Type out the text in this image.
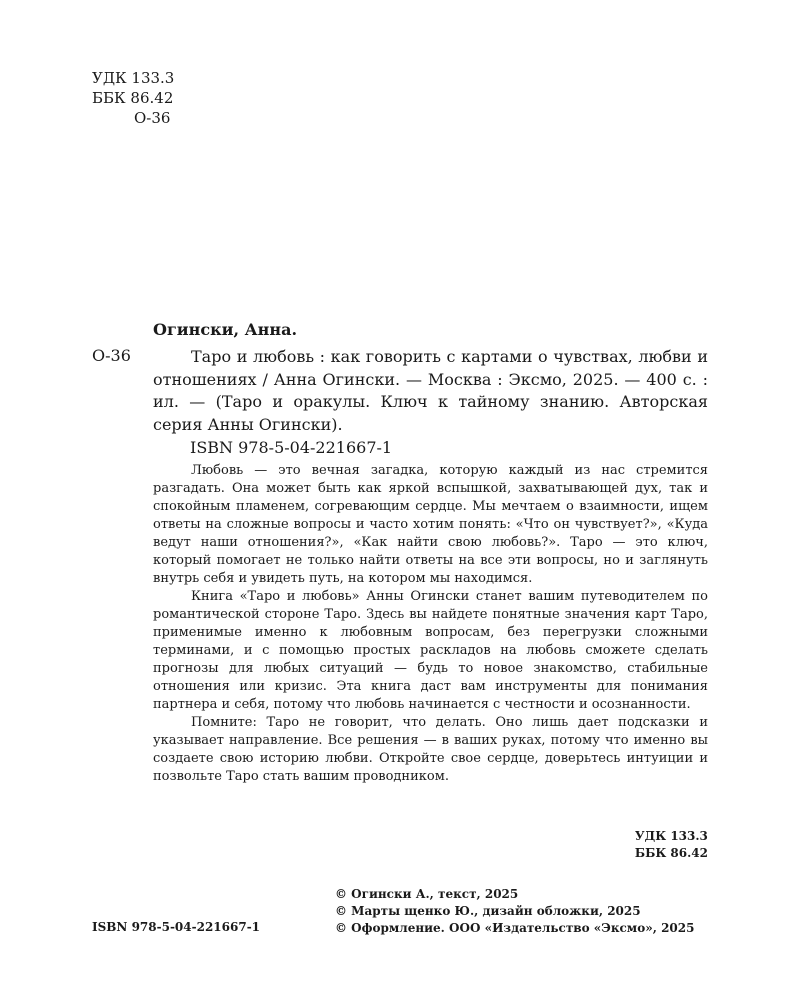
УДК 133.3
ББК 86.42
О-36
Огински, Анна.
О-36	Таро и любовь : как говорить с картами о чувствах, любви и отношениях / Анна Огински. — Москва : Эксмо, 2025. — 400 с. : ил. — (Таро и оракулы. Ключ к тайному знанию. Авторская серия Анны Огински).
ISBN 978-5-04-221667-1

Любовь — это вечная загадка, которую каждый из нас стремится разгадать. Она может быть как яркой вспышкой, захватывающей дух, так и спокойным пламенем, согревающим сердце. Мы мечтаем о взаимности, ищем ответы на сложные вопросы и часто хотим понять: «Что он чувствует?», «Куда ведут наши отношения?», «Как найти свою любовь?». Таро — это ключ, который помогает не только найти ответы на все эти вопросы, но и заглянуть внутрь себя и увидеть путь, на котором мы находимся.

Книга «Таро и любовь» Анны Огински станет вашим путеводителем по романтической стороне Таро. Здесь вы найдете понятные значения карт Таро, применимые именно к любовным вопросам, без перегрузки сложными терминами, и с помощью простых раскладов на любовь сможете сделать прогнозы для любых ситуаций — будь то новое знакомство, стабильные отношения или кризис. Эта книга даст вам инструменты для понимания партнера и себя, потому что любовь начинается с честности и осознанности.

Помните: Таро не говорит, что делать. Оно лишь дает подсказки и указывает направление. Все решения — в ваших руках, потому что именно вы создаете свою историю любви. Откройте свое сердце, доверьтесь интуиции и позвольте Таро стать вашим проводником.

УДК 133.3
ББК 86.42
© Огински А., текст, 2025
© Марты щенко Ю., дизайн обложки, 2025
© Оформление. ООО «Издательство «Эксмо», 2025
ISBN 978-5-04-221667-1
